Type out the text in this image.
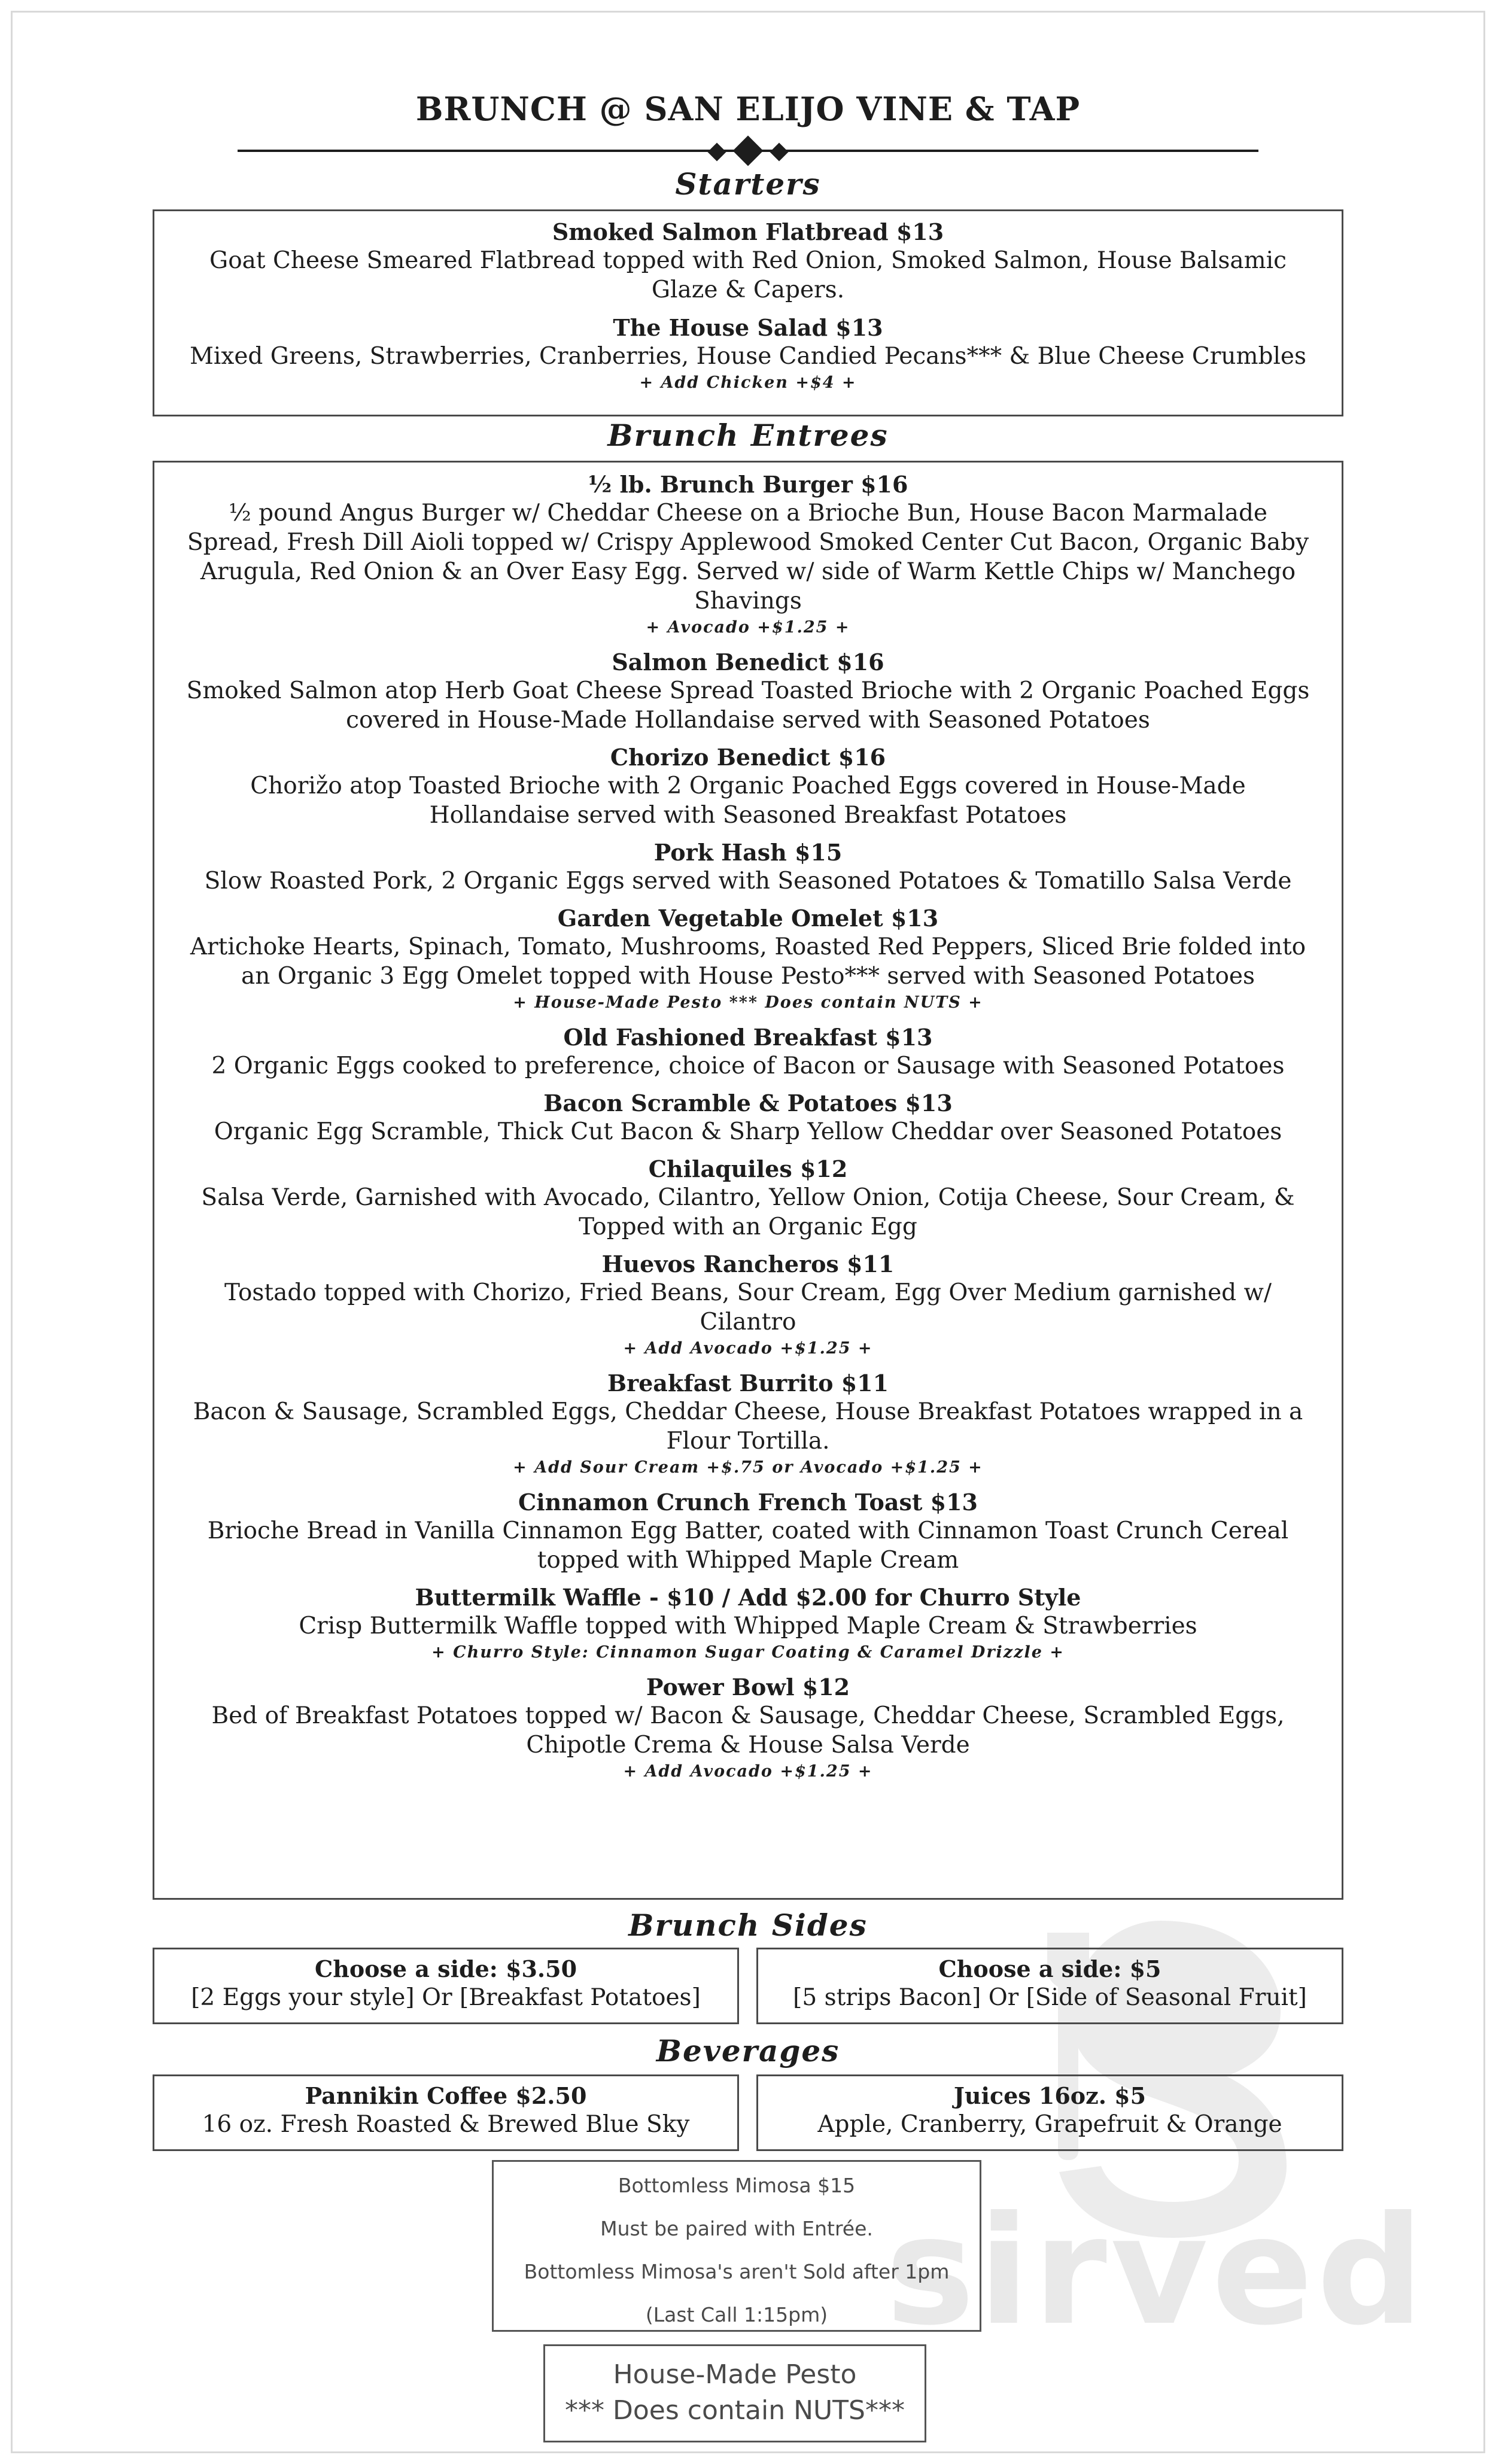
sirved
BRUNCH @ SAN ELIJO VINE & TAP
Starters
Smoked Salmon Flatbread $13
Goat Cheese Smeared Flatbread topped with Red Onion, Smoked Salmon, House Balsamic Glaze & Capers.
The House Salad $13
Mixed Greens, Strawberries, Cranberries, House Candied Pecans*** & Blue Cheese Crumbles
+ Add Chicken +$4 +
Brunch Entrees
½ lb. Brunch Burger $16
½ pound Angus Burger w/ Cheddar Cheese on a Brioche Bun, House Bacon Marmalade Spread, Fresh Dill Aioli topped w/ Crispy Applewood Smoked Center Cut Bacon, Organic Baby Arugula, Red Onion & an Over Easy Egg. Served w/ side of Warm Kettle Chips w/ Manchego Shavings
+ Avocado +$1.25 +
Salmon Benedict $16
Smoked Salmon atop Herb Goat Cheese Spread Toasted Brioche with 2 Organic Poached Eggs covered in House-Made Hollandaise served with Seasoned Potatoes
Chorizo Benedict $16
Chorižo atop Toasted Brioche with 2 Organic Poached Eggs covered in House-Made Hollandaise served with Seasoned Breakfast Potatoes
Pork Hash $15
Slow Roasted Pork, 2 Organic Eggs served with Seasoned Potatoes & Tomatillo Salsa Verde
Garden Vegetable Omelet $13
Artichoke Hearts, Spinach, Tomato, Mushrooms, Roasted Red Peppers, Sliced Brie folded into an Organic 3 Egg Omelet topped with House Pesto*** served with Seasoned Potatoes
+ House-Made Pesto *** Does contain NUTS +
Old Fashioned Breakfast $13
2 Organic Eggs cooked to preference, choice of Bacon or Sausage with Seasoned Potatoes
Bacon Scramble & Potatoes $13
Organic Egg Scramble, Thick Cut Bacon & Sharp Yellow Cheddar over Seasoned Potatoes
Chilaquiles $12
Salsa Verde, Garnished with Avocado, Cilantro, Yellow Onion, Cotija Cheese, Sour Cream, & Topped with an Organic Egg
Huevos Rancheros $11
Tostado topped with Chorizo, Fried Beans, Sour Cream, Egg Over Medium garnished w/ Cilantro
+ Add Avocado +$1.25 +
Breakfast Burrito $11
Bacon & Sausage, Scrambled Eggs, Cheddar Cheese, House Breakfast Potatoes wrapped in a Flour Tortilla.
+ Add Sour Cream +$.75 or Avocado +$1.25 +
Cinnamon Crunch French Toast $13
Brioche Bread in Vanilla Cinnamon Egg Batter, coated with Cinnamon Toast Crunch Cereal topped with Whipped Maple Cream
Buttermilk Waffle - $10 / Add $2.00 for Churro Style
Crisp Buttermilk Waffle topped with Whipped Maple Cream & Strawberries
+ Churro Style: Cinnamon Sugar Coating & Caramel Drizzle +
Power Bowl $12
Bed of Breakfast Potatoes topped w/ Bacon & Sausage, Cheddar Cheese, Scrambled Eggs, Chipotle Crema & House Salsa Verde
+ Add Avocado +$1.25 +
Brunch Sides
Choose a side: $3.50
[2 Eggs your style] Or [Breakfast Potatoes]
Choose a side: $5
[5 strips Bacon] Or [Side of Seasonal Fruit]
Beverages
Pannikin Coffee $2.50
16 oz. Fresh Roasted & Brewed Blue Sky
Juices 16oz. $5
Apple, Cranberry, Grapefruit & Orange
Bottomless Mimosa $15
Must be paired with Entrée.
Bottomless Mimosa's aren't Sold after 1pm
(Last Call 1:15pm)
House-Made Pesto
*** Does contain NUTS***
